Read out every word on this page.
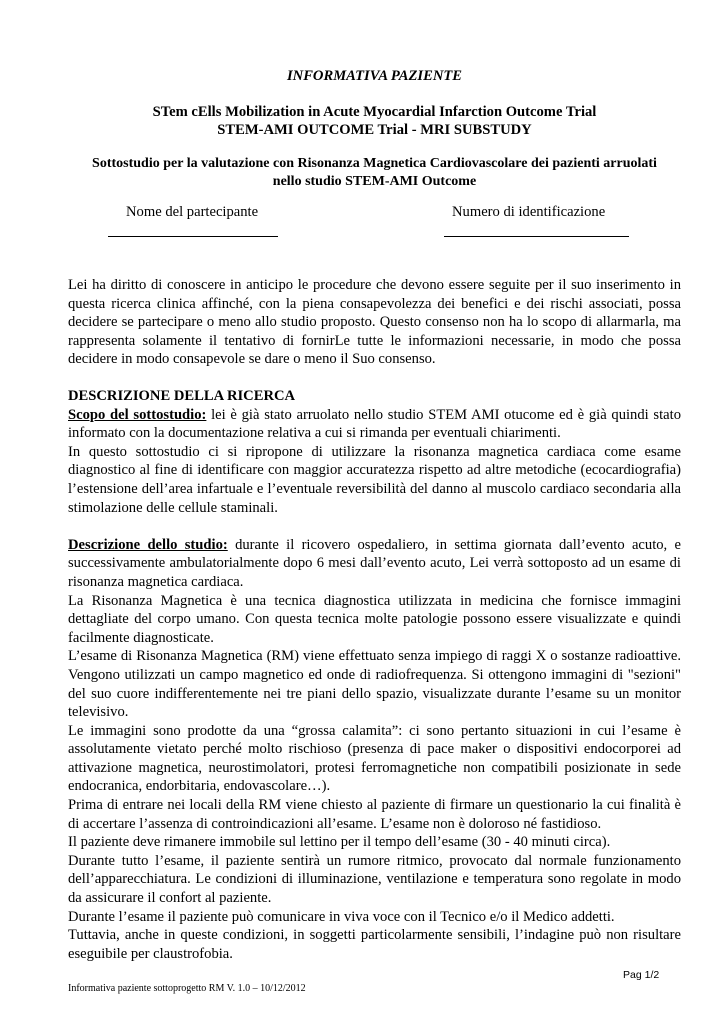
INFORMATIVA PAZIENTE
STem cElls Mobilization in Acute Myocardial Infarction Outcome Trial
STEM-AMI OUTCOME Trial - MRI SUBSTUDY
Sottostudio per la valutazione con Risonanza Magnetica Cardiovascolare dei pazienti arruolati
nello studio STEM-AMI Outcome
Nome del partecipante	Numero di identificazione

Lei ha diritto di conoscere in anticipo le procedure che devono essere seguite per il suo inserimento in

questa ricerca clinica affinché, con la piena consapevolezza dei benefici e dei rischi associati, possa

decidere se partecipare o meno allo studio proposto. Questo consenso non ha lo scopo di allarmarla, ma

rappresenta solamente il tentativo di fornirLe tutte le informazioni necessarie, in modo che possa

decidere in modo consapevole se dare o meno il Suo consenso.

DESCRIZIONE DELLA RICERCA

Scopo del sottostudio: lei è già stato arruolato nello studio STEM AMI otucome ed è già quindi stato

informato con la documentazione relativa a cui si rimanda per eventuali chiarimenti.

In questo sottostudio ci si ripropone di utilizzare la risonanza magnetica cardiaca come esame

diagnostico al fine di identificare con maggior accuratezza rispetto ad altre metodiche (ecocardiografia)

l’estensione dell’area infartuale e l’eventuale reversibilità del danno al muscolo cardiaco secondaria alla

stimolazione delle cellule staminali.

Descrizione dello studio: durante il ricovero ospedaliero, in settima giornata dall’evento acuto, e

successivamente ambulatorialmente dopo 6 mesi dall’evento acuto, Lei verrà sottoposto ad un esame di

risonanza magnetica cardiaca.

La Risonanza Magnetica è una tecnica diagnostica utilizzata in medicina che fornisce immagini

dettagliate del corpo umano. Con questa tecnica molte patologie possono essere visualizzate e quindi

facilmente diagnosticate.

L’esame di Risonanza Magnetica (RM) viene effettuato senza impiego di raggi X o sostanze radioattive.

Vengono utilizzati un campo magnetico ed onde di radiofrequenza. Si ottengono immagini di "sezioni"

del suo cuore indifferentemente nei tre piani dello spazio, visualizzate durante l’esame su un monitor

televisivo.

Le immagini sono prodotte da una “grossa calamita”: ci sono pertanto situazioni in cui l’esame è

assolutamente vietato perché molto rischioso (presenza di pace maker o dispositivi endocorporei ad

attivazione magnetica, neurostimolatori, protesi ferromagnetiche non compatibili posizionate in sede

endocranica, endorbitaria, endovascolare…).

Prima di entrare nei locali della RM viene chiesto al paziente di firmare un questionario la cui finalità è

di accertare l’assenza di controindicazioni all’esame. L’esame non è doloroso né fastidioso.

Il paziente deve rimanere immobile sul lettino per il tempo dell’esame (30 - 40 minuti circa).

Durante tutto l’esame, il paziente sentirà un rumore ritmico, provocato dal normale funzionamento

dell’apparecchiatura. Le condizioni di illuminazione, ventilazione e temperatura sono regolate in modo

da assicurare il confort al paziente.

Durante l’esame il paziente può comunicare in viva voce con il Tecnico e/o il Medico addetti.

Tuttavia, anche in queste condizioni, in soggetti particolarmente sensibili, l’indagine può non risultare

eseguibile per claustrofobia.

Pag 1/2
Informativa paziente sottoprogetto RM V. 1.0 – 10/12/2012
